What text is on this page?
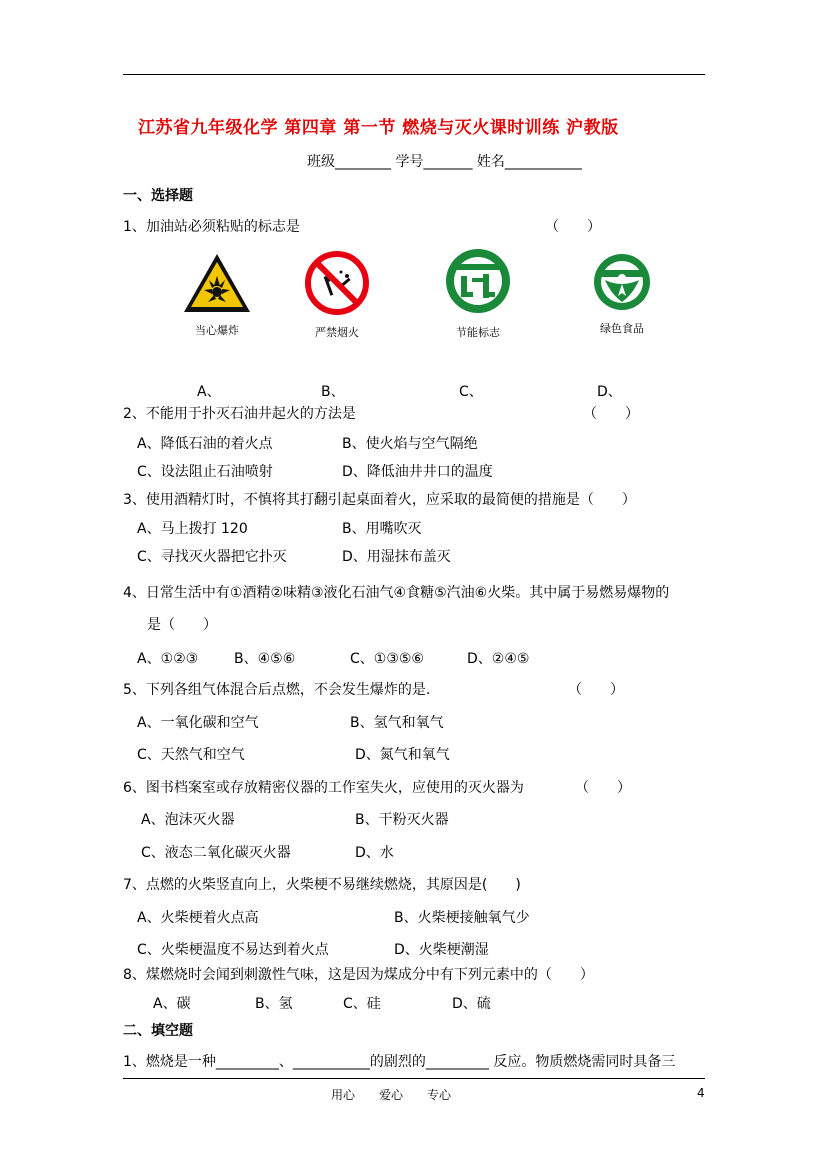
江苏省九年级化学 第四章 第一节 燃烧与灭火课时训练 沪教版
班级________ 学号_______ 姓名___________
一、选择题
1、加油站必须粘贴的标志是	（　　）
当心爆炸	严禁烟火	节能标志	绿色食品
A、	B、	C、	D、
2、不能用于扑灭石油井起火的方法是	（　　）
A、降低石油的着火点	B、使火焰与空气隔绝
C、设法阻止石油喷射	D、降低油井井口的温度
3、使用酒精灯时，不慎将其打翻引起桌面着火，应采取的最简便的措施是（　　）
A、马上拨打 120	B、用嘴吹灭
C、寻找灭火器把它扑灭	D、用湿抹布盖灭
4、日常生活中有①酒精②味精③液化石油气④食糖⑤汽油⑥火柴。其中属于易燃易爆物的
是（　　）
A、①②③	B、④⑤⑥	C、①③⑤⑥	D、②④⑤
5、下列各组气体混合后点燃，不会发生爆炸的是.	（　　）
A、一氧化碳和空气	B、氢气和氧气
C、天然气和空气	D、氮气和氧气
6、图书档案室或存放精密仪器的工作室失火，应使用的灭火器为	（　　）
A、泡沫灭火器	B、干粉灭火器
C、液态二氧化碳灭火器	D、水
7、点燃的火柴竖直向上，火柴梗不易继续燃烧，其原因是(　　)
A、火柴梗着火点高	B、火柴梗接触氧气少
C、火柴梗温度不易达到着火点	D、火柴梗潮湿
8、煤燃烧时会闻到刺激性气味，这是因为煤成分中有下列元素中的（　　）
A、碳	B、氢	C、硅	D、硫
二、填空题
1、燃烧是一种_________、___________的剧烈的_________ 反应。物质燃烧需同时具备三
用心　　爱心　　专心	4
